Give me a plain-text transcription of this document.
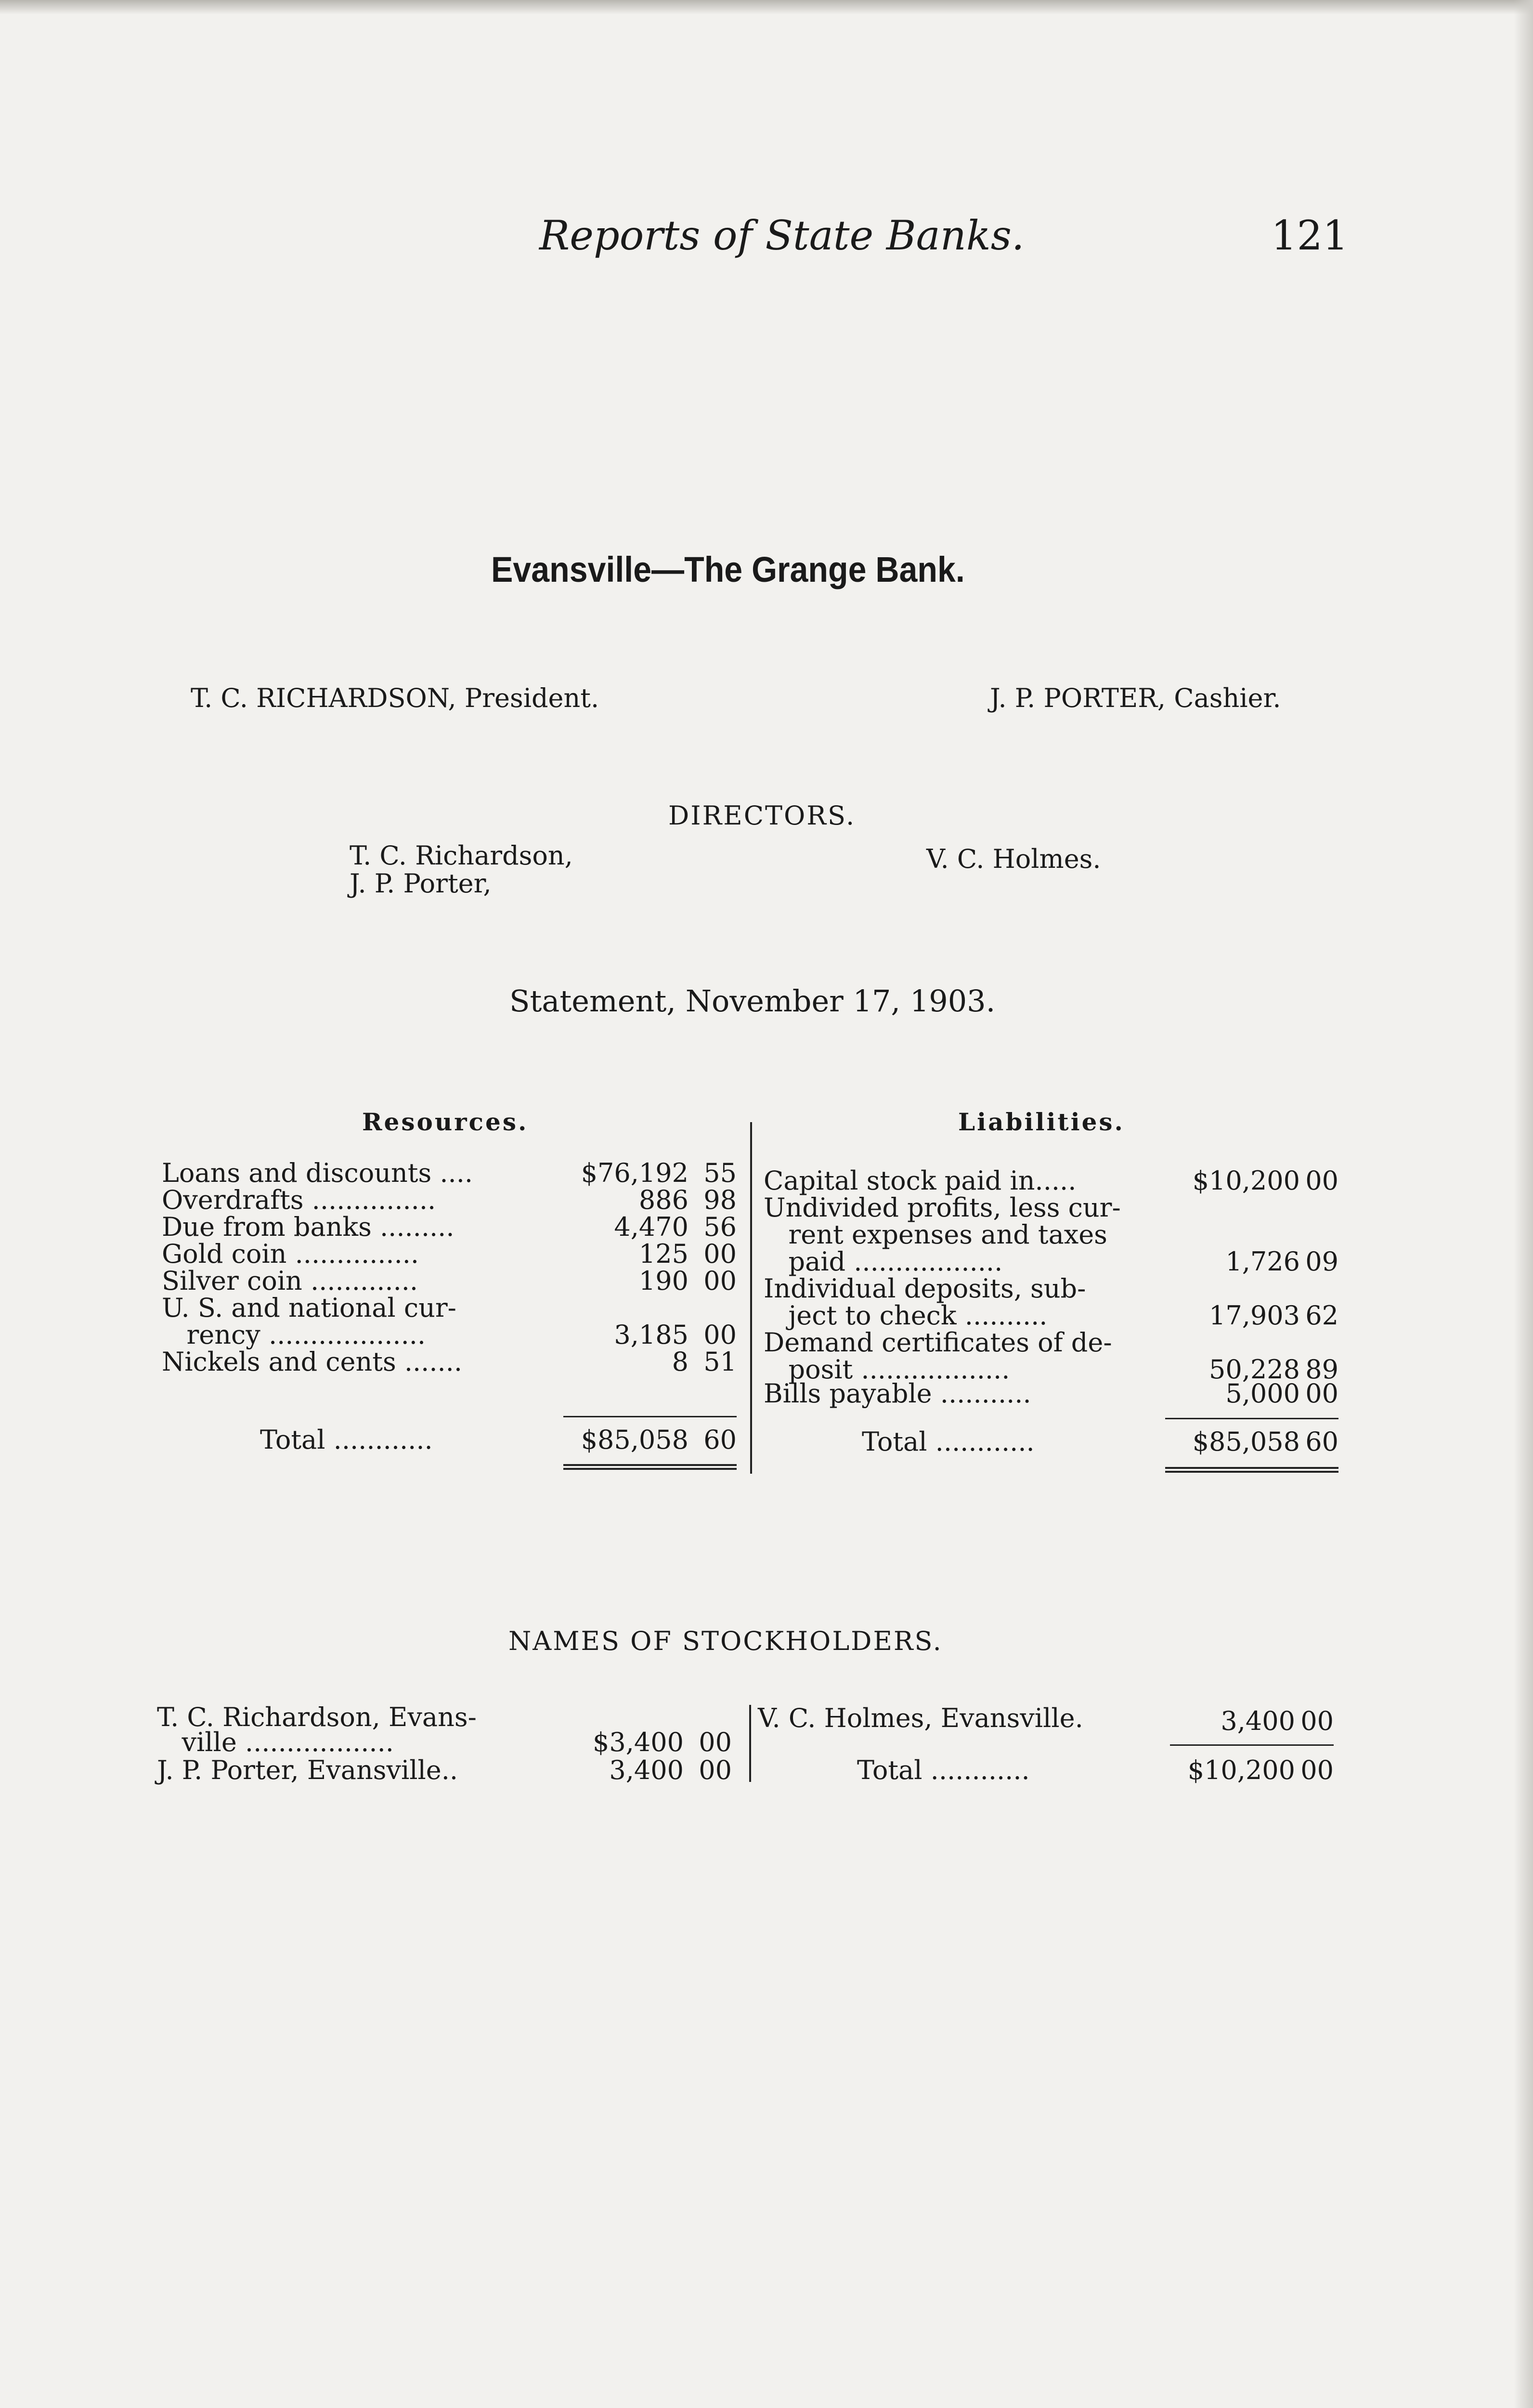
Reports of State Banks.	121
Evansville—The Grange Bank.
T. C. RICHARDSON, President.	J. P. PORTER, Cashier.
DIRECTORS.
T. C. Richardson,
J. P. Porter,
V. C. Holmes.
Statement, November 17, 1903.
Resources.	Liabilities.
Loans and discounts ....	$76,192 55
Overdrafts ...............	886 98
Due from banks .........	4,470 56
Gold coin ...............	125 00
Silver coin .............	190 00
U. S. and national cur-
rency ...................	3,185 00
Nickels and cents .......	8 51
Total ............	$85,058 60
Capital stock paid in.....	$10,200 00
Undivided profits, less cur-
rent expenses and taxes
paid ..................	1,726 09
Individual deposits, sub-
ject to check ..........	17,903 62
Demand certificates of de-
posit ..................	50,228 89
Bills payable ...........	5,000 00
Total ............	$85,058 60
NAMES OF STOCKHOLDERS.
T. C. Richardson, Evans-
ville ..................	$3,400 00
J. P. Porter, Evansville..	3,400 00
V. C. Holmes, Evansville.	3,400 00
Total ............	$10,200 00
